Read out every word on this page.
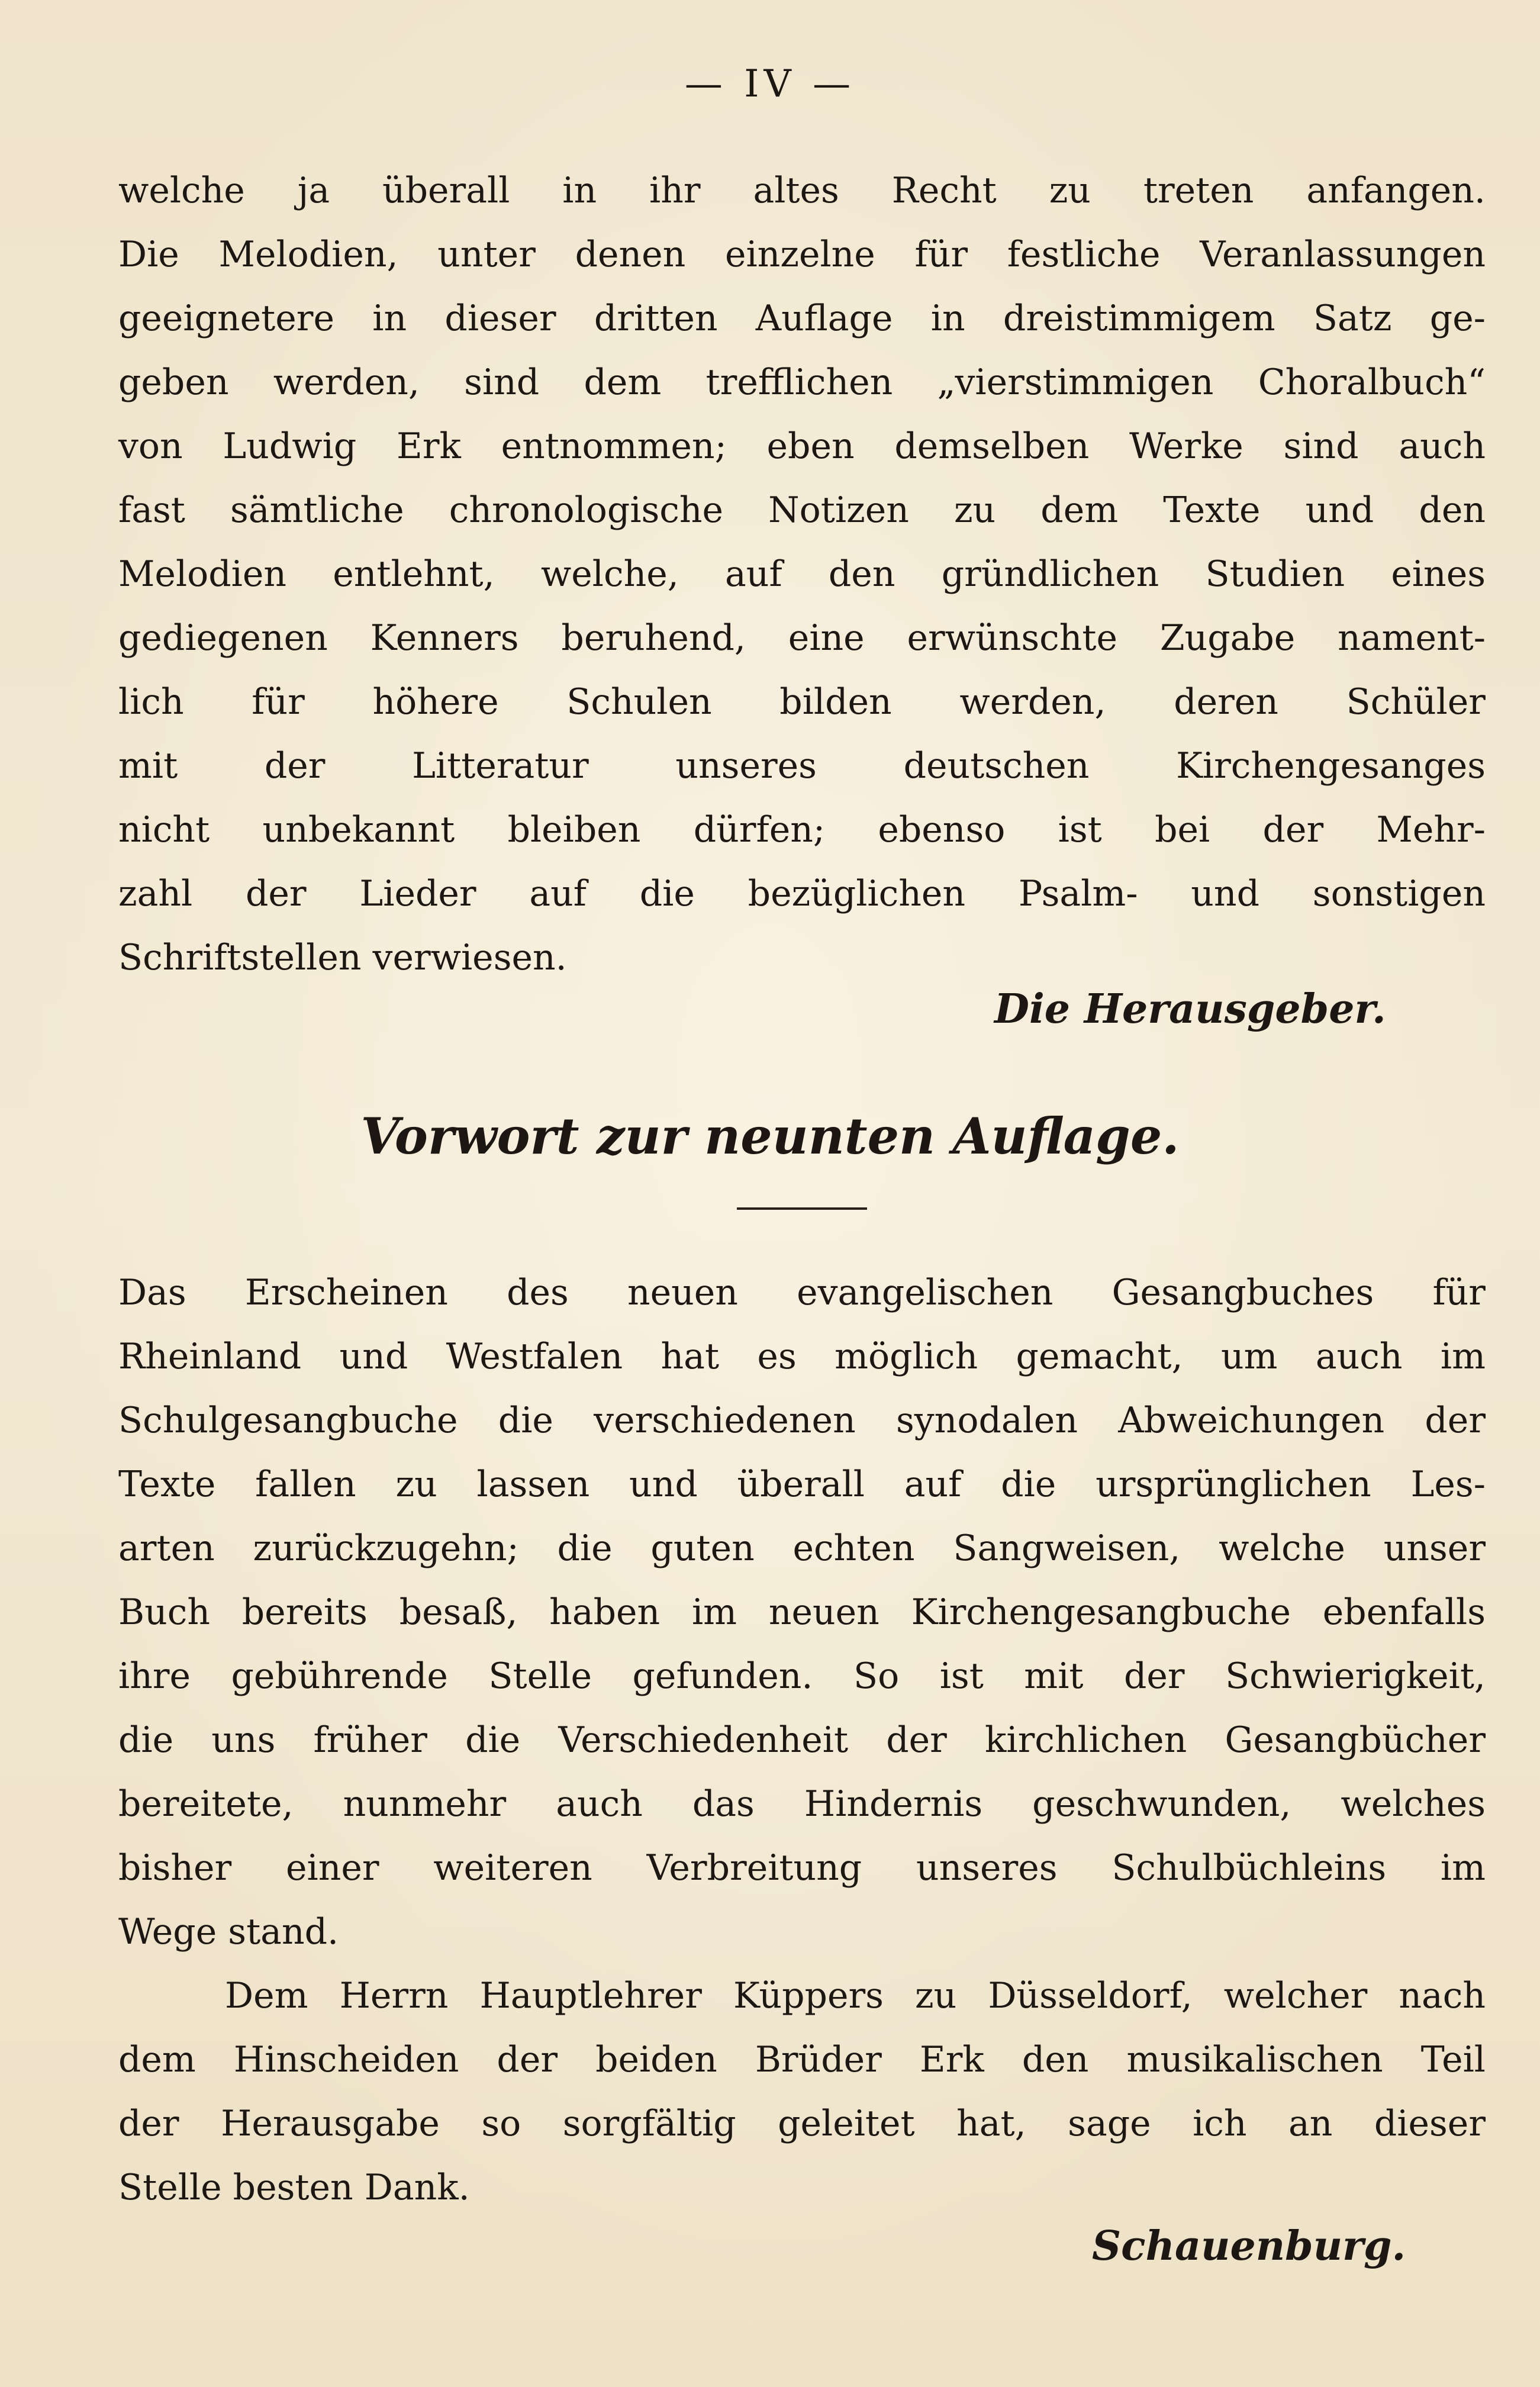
— IV —
welche ja überall in ihr altes Recht zu treten anfangen.
Die Melodien, unter denen einzelne für festliche Veranlassungen
geeignetere in dieser dritten Auflage in dreistimmigem Satz ge-
geben werden, sind dem trefflichen „vierstimmigen Choralbuch“
von Ludwig Erk entnommen; eben demselben Werke sind auch
fast sämtliche chronologische Notizen zu dem Texte und den
Melodien entlehnt, welche, auf den gründlichen Studien eines
gediegenen Kenners beruhend, eine erwünschte Zugabe nament-
lich für höhere Schulen bilden werden, deren Schüler
mit der Litteratur unseres deutschen Kirchengesanges
nicht unbekannt bleiben dürfen; ebenso ist bei der Mehr-
zahl der Lieder auf die bezüglichen Psalm- und sonstigen
Schriftstellen verwiesen.
Die Herausgeber.
Vorwort zur neunten Auflage.
Das Erscheinen des neuen evangelischen Gesangbuches für
Rheinland und Westfalen hat es möglich gemacht, um auch im
Schulgesangbuche die verschiedenen synodalen Abweichungen der
Texte fallen zu lassen und überall auf die ursprünglichen Les-
arten zurückzugehn; die guten echten Sangweisen, welche unser
Buch bereits besaß, haben im neuen Kirchengesangbuche ebenfalls
ihre gebührende Stelle gefunden. So ist mit der Schwierigkeit,
die uns früher die Verschiedenheit der kirchlichen Gesangbücher
bereitete, nunmehr auch das Hindernis geschwunden, welches
bisher einer weiteren Verbreitung unseres Schulbüchleins im
Wege stand.
Dem Herrn Hauptlehrer Küppers zu Düsseldorf, welcher nach
dem Hinscheiden der beiden Brüder Erk den musikalischen Teil
der Herausgabe so sorgfältig geleitet hat, sage ich an dieser
Stelle besten Dank.
Schauenburg.
